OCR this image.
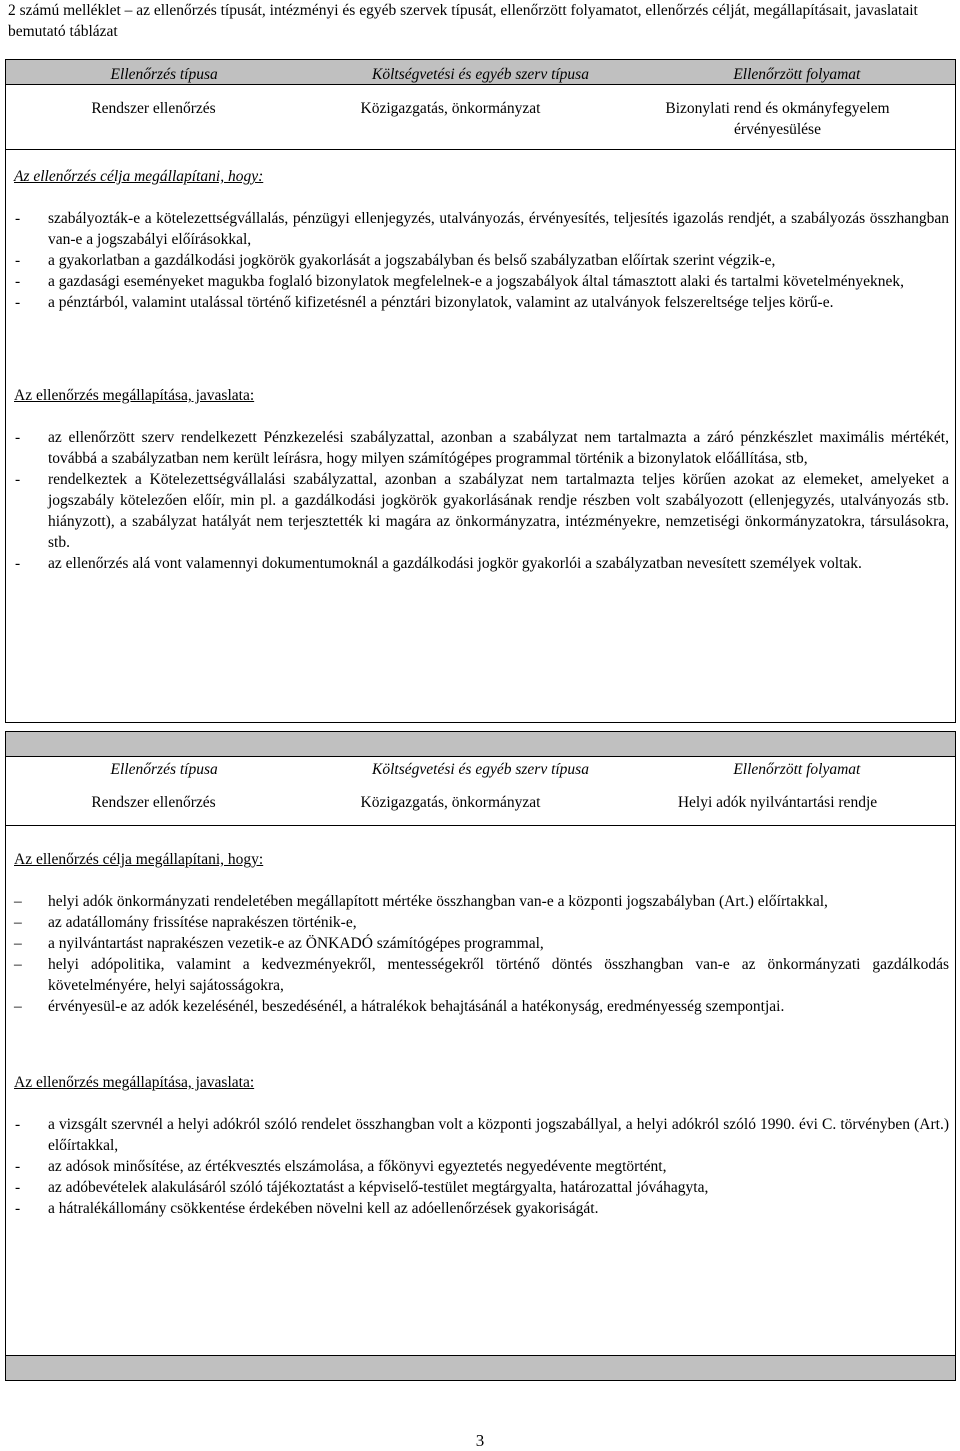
2 számú melléklet – az ellenőrzés típusát, intézményi és egyéb szervek típusát, ellenőrzött folyamatot, ellenőrzés célját, megállapításait, javaslatait bemutató táblázat
Ellenőrzés típusa	Költségvetési és egyéb szerv típusa	Ellenőrzött folyamat
Rendszer ellenőrzés	Közigazgatás, önkormányzat	Bizonylati rend és okmányfegyelem érvényesülése
Az ellenőrzés célja megállapítani, hogy:
- szabályozták-e a kötelezettségvállalás, pénzügyi ellenjegyzés, utalványozás, érvényesítés, teljesítés igazolás rendjét, a szabályozás összhangban van-e a jogszabályi előírásokkal,
- a gyakorlatban a gazdálkodási jogkörök gyakorlását a jogszabályban és belső szabályzatban előírtak szerint végzik-e,
- a gazdasági eseményeket magukba foglaló bizonylatok megfelelnek-e a jogszabályok által támasztott alaki és tartalmi követelményeknek,
- a pénztárból, valamint utalással történő kifizetésnél a pénztári bizonylatok, valamint az utalványok felszereltsége teljes körű-e.
Az ellenőrzés megállapítása, javaslata:
- az ellenőrzött szerv rendelkezett Pénzkezelési szabályzattal, azonban a szabályzat nem tartalmazta a záró pénzkészlet maximális mértékét, továbbá a szabályzatban nem került leírásra, hogy milyen számítógépes programmal történik a bizonylatok előállítása, stb,
- rendelkeztek a Kötelezettségvállalási szabályzattal, azonban a szabályzat nem tartalmazta teljes körűen azokat az elemeket, amelyeket a jogszabály kötelezően előír, min pl. a gazdálkodási jogkörök gyakorlásának rendje részben volt szabályozott (ellenjegyzés, utalványozás stb. hiányzott), a szabályzat hatályát nem terjesztették ki magára az önkormányzatra, intézményekre, nemzetiségi önkormányzatokra, társulásokra, stb.
- az ellenőrzés alá vont valamennyi dokumentumoknál a gazdálkodási jogkör gyakorlói a szabályzatban nevesített személyek voltak.
Ellenőrzés típusa	Költségvetési és egyéb szerv típusa	Ellenőrzött folyamat
Rendszer ellenőrzés	Közigazgatás, önkormányzat	Helyi adók nyilvántartási rendje
Az ellenőrzés célja megállapítani, hogy:
– helyi adók önkormányzati rendeletében megállapított mértéke összhangban van-e a központi jogszabályban (Art.) előírtakkal,
– az adatállomány frissítése naprakészen történik-e,
– a nyilvántartást naprakészen vezetik-e az ÖNKADÓ számítógépes programmal,
– helyi adópolitika, valamint a kedvezményekről, mentességekről történő döntés összhangban van-e az önkormányzati gazdálkodás követelményére, helyi sajátosságokra,
– érvényesül-e az adók kezelésénél, beszedésénél, a hátralékok behajtásánál a hatékonyság, eredményesség szempontjai.
Az ellenőrzés megállapítása, javaslata:
- a vizsgált szervnél a helyi adókról szóló rendelet összhangban volt a központi jogszabállyal, a helyi adókról szóló 1990. évi C. törvényben (Art.) előírtakkal,
- az adósok minősítése, az értékvesztés elszámolása, a főkönyvi egyeztetés negyedévente megtörtént,
- az adóbevételek alakulásáról szóló tájékoztatást a képviselő-testület megtárgyalta, határozattal jóváhagyta,
- a hátralékállomány csökkentése érdekében növelni kell az adóellenőrzések gyakoriságát.
3
